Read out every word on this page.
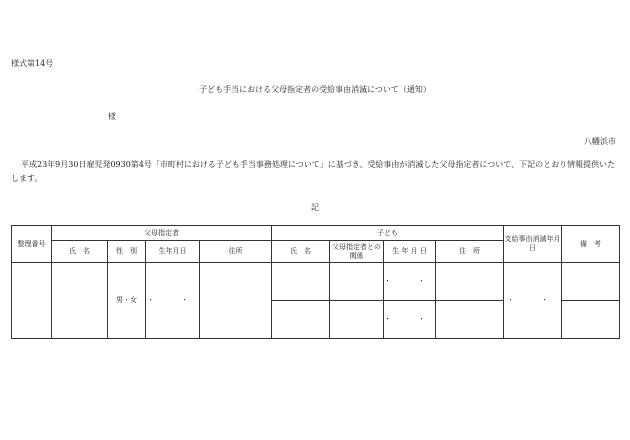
様式第14号
子ども手当における父母指定者の受給事由消滅について（通知）
様
八幡浜市
平成23年9月30日雇児発0930第4号「市町村における子ども手当事務処理について」に基づき、受給事由が消滅した父母指定者について、下記のとおり情報提供いたします。
記
整理番号	父母指定者				子ども				支給事由消滅年月日	備　考
	氏　名	性　別	生年月日	住所	氏　名	父母指定者との関係	生 年 月 日	住　所		
		男・女	・　・				・　・		・　・	
							・　・			
